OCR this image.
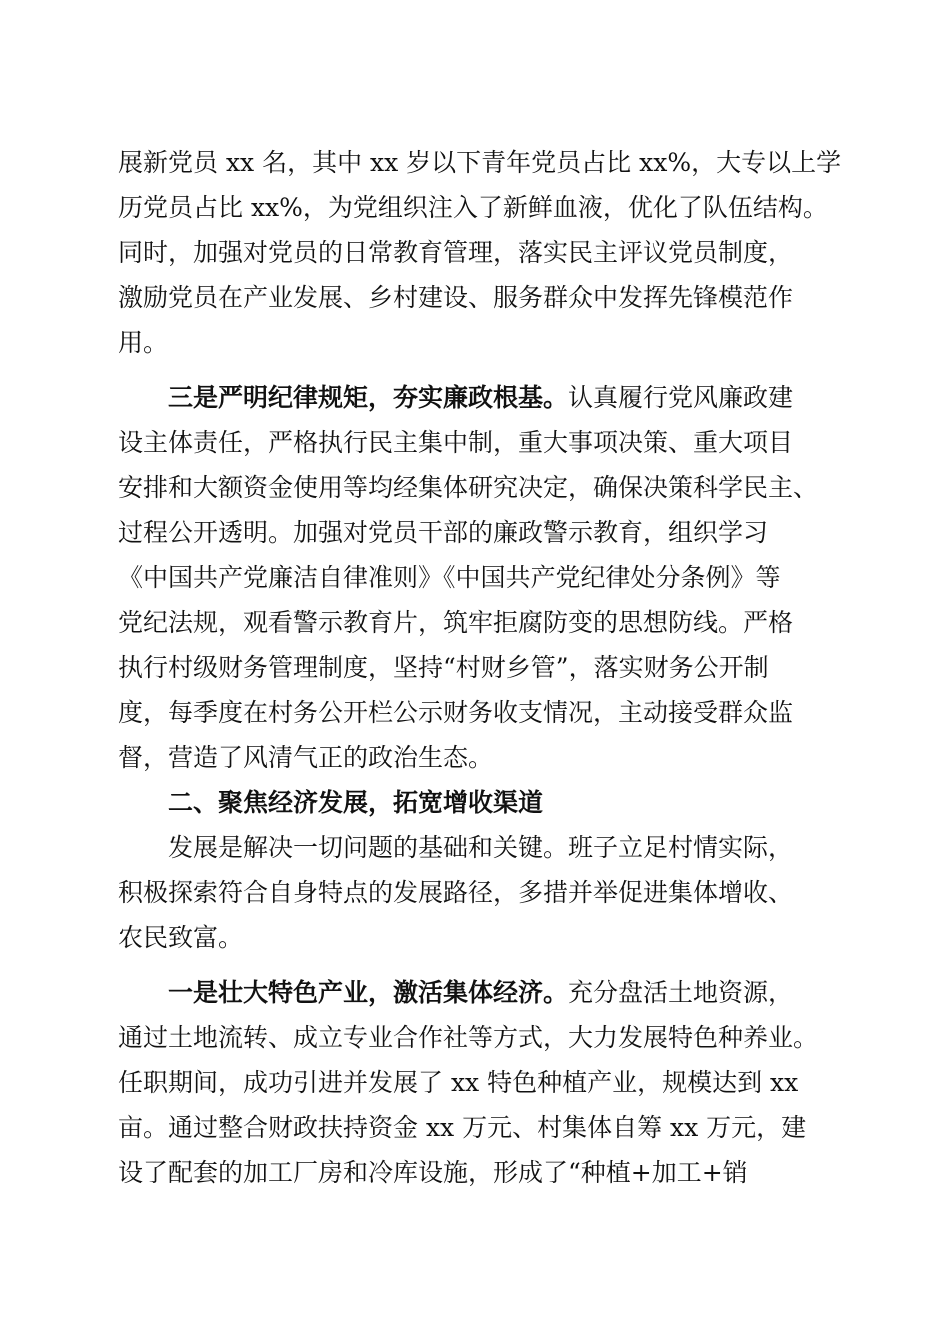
展新党员 xx 名，其中 xx 岁以下青年党员占比 xx%，大专以上学
历党员占比 xx%，为党组织注入了新鲜血液，优化了队伍结构。
同时，加强对党员的日常教育管理，落实民主评议党员制度，
激励党员在产业发展、乡村建设、服务群众中发挥先锋模范作
用。

三是严明纪律规矩，夯实廉政根基。认真履行党风廉政建
设主体责任，严格执行民主集中制，重大事项决策、重大项目
安排和大额资金使用等均经集体研究决定，确保决策科学民主、
过程公开透明。加强对党员干部的廉政警示教育，组织学习
《中国共产党廉洁自律准则》《中国共产党纪律处分条例》等
党纪法规，观看警示教育片，筑牢拒腐防变的思想防线。严格
执行村级财务管理制度，坚持“村财乡管”，落实财务公开制
度，每季度在村务公开栏公示财务收支情况，主动接受群众监
督，营造了风清气正的政治生态。

二、聚焦经济发展，拓宽增收渠道

发展是解决一切问题的基础和关键。班子立足村情实际，
积极探索符合自身特点的发展路径，多措并举促进集体增收、
农民致富。

一是壮大特色产业，激活集体经济。充分盘活土地资源，
通过土地流转、成立专业合作社等方式，大力发展特色种养业。
任职期间，成功引进并发展了 xx 特色种植产业，规模达到 xx
亩。通过整合财政扶持资金 xx 万元、村集体自筹 xx 万元，建
设了配套的加工厂房和冷库设施，形成了“种植+加工+销
